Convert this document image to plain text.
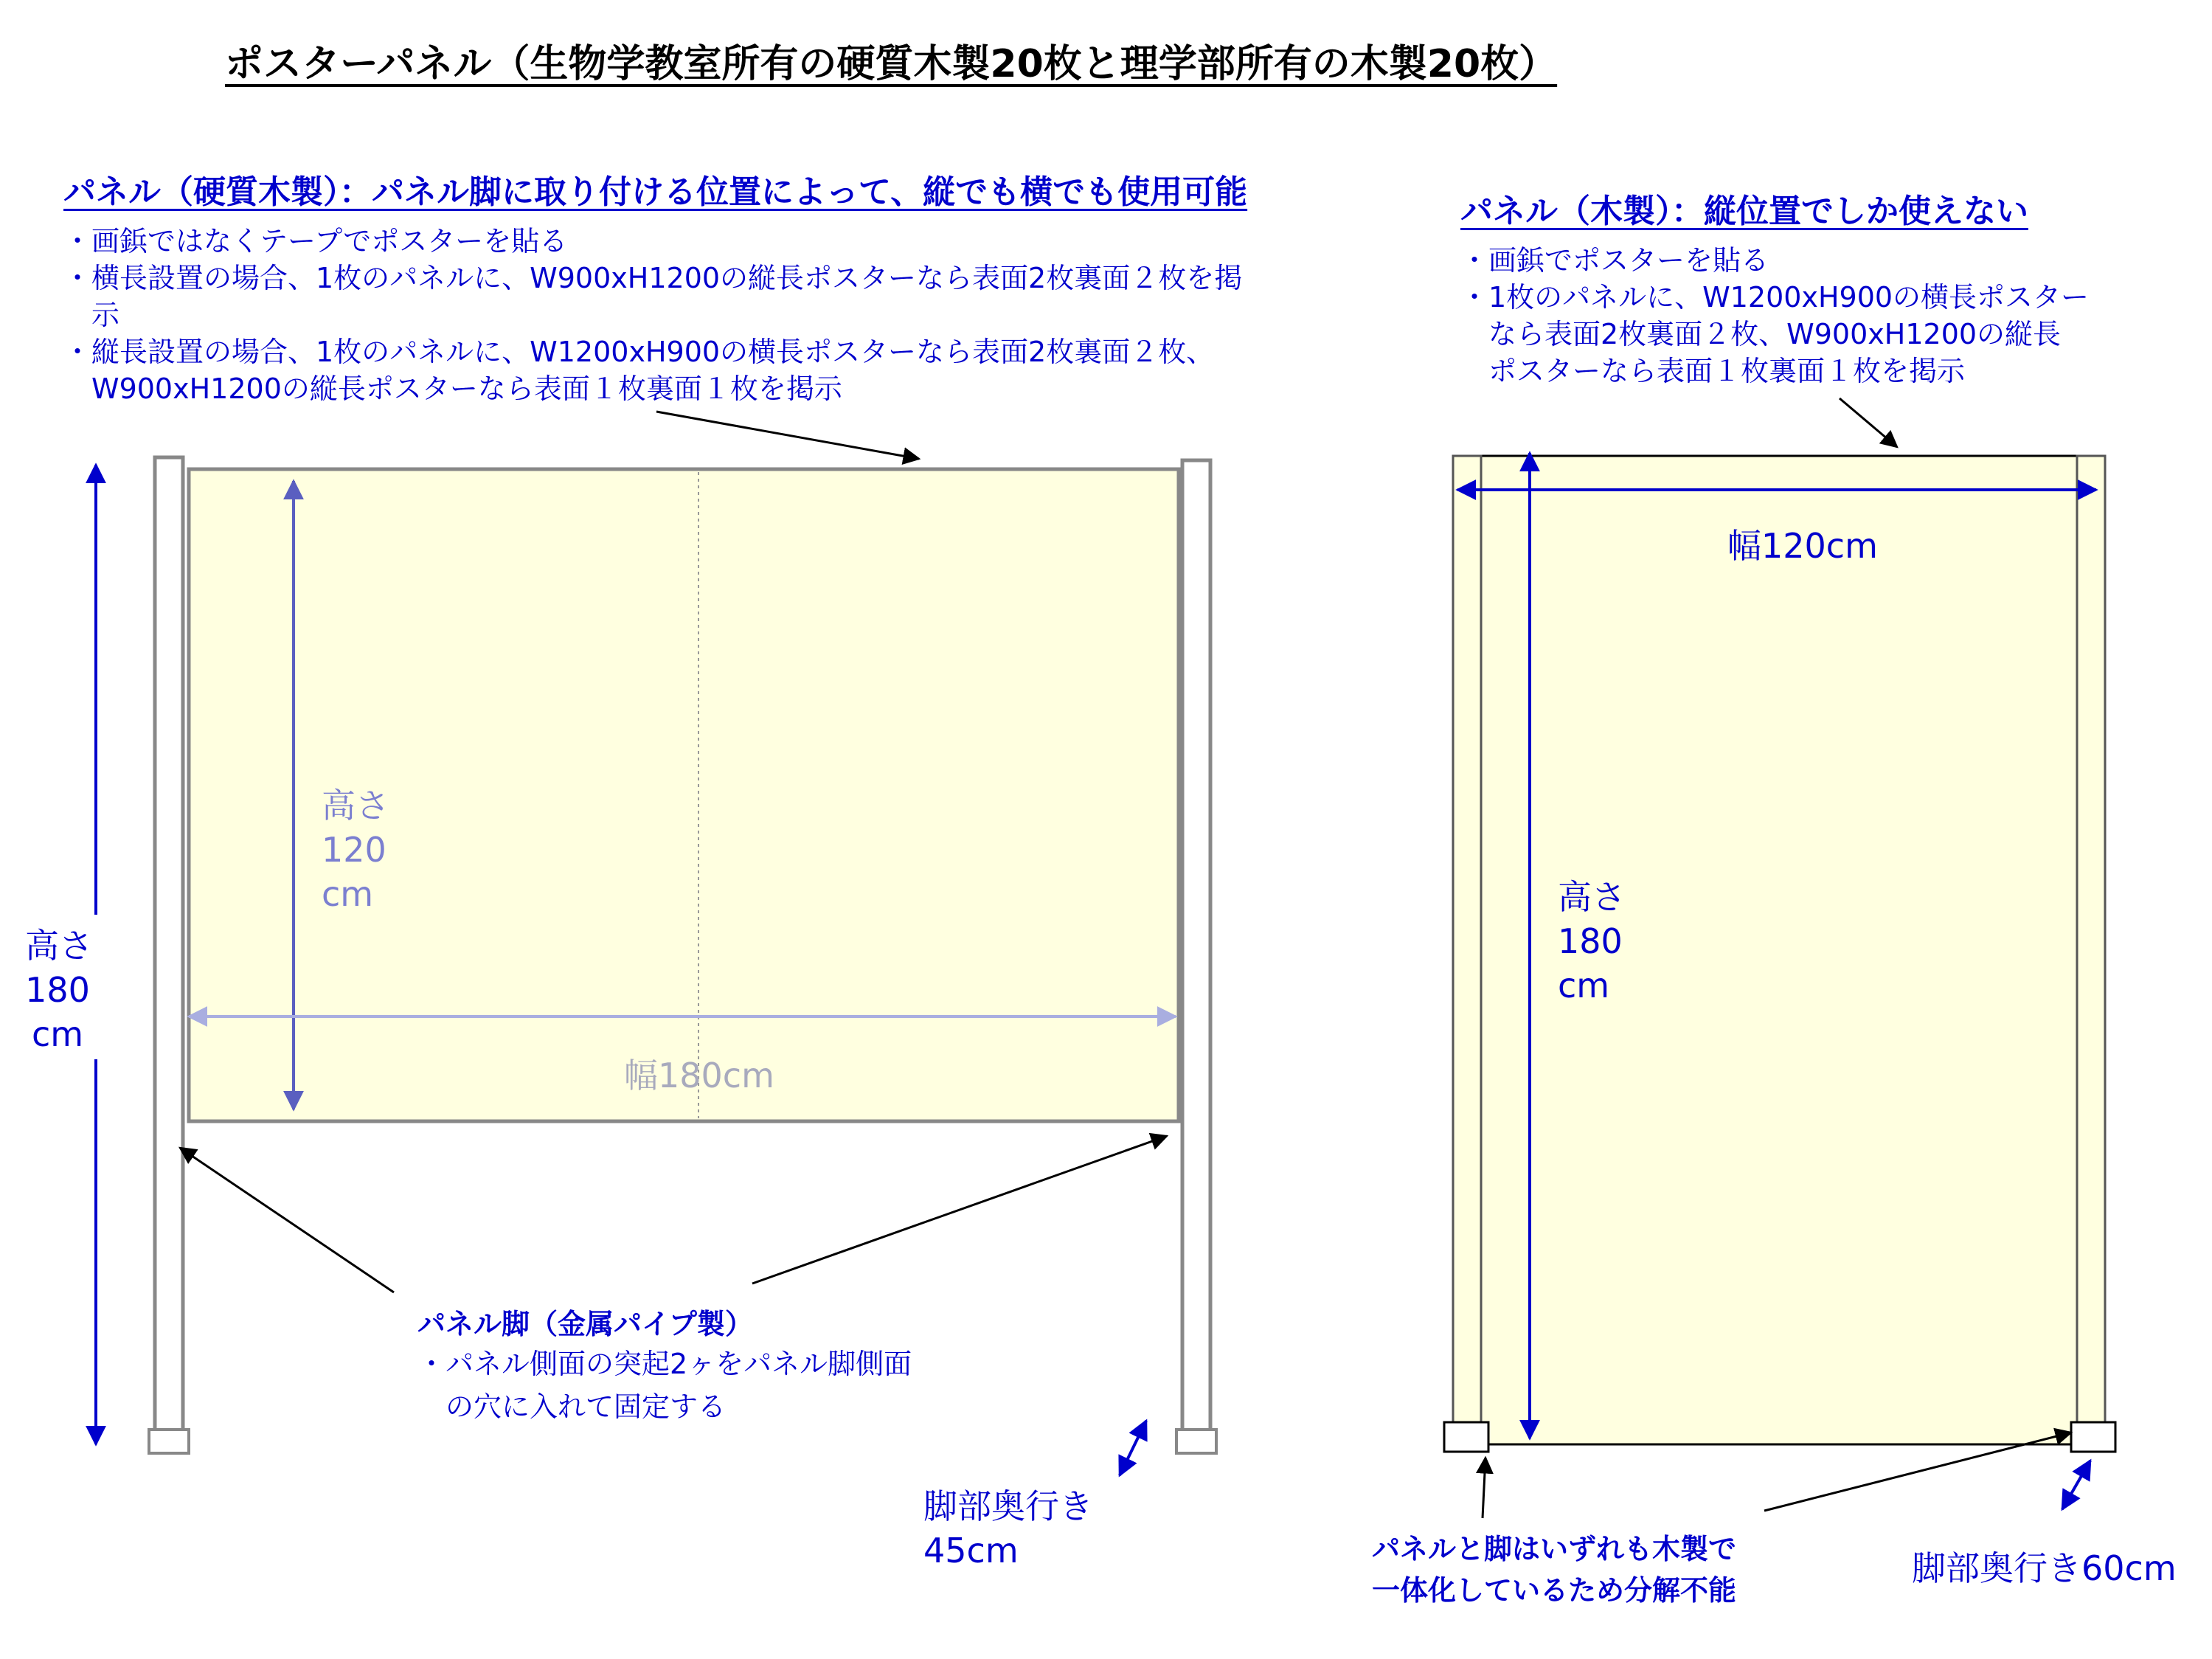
ポスターパネル（生物学教室所有の硬質木製20枚と理学部所有の木製20枚）
パネル（硬質木製）：パネル脚に取り付ける位置によって、縦でも横でも使用可能
・画鋲ではなくテープでポスターを貼る
・横長設置の場合、1枚のパネルに、W900xH1200の縦長ポスターなら表面2枚裏面２枚を掲
　示
・縦長設置の場合、1枚のパネルに、W1200xH900の横長ポスターなら表面2枚裏面２枚、
　W900xH1200の縦長ポスターなら表面１枚裏面１枚を掲示
パネル（木製）：縦位置でしか使えない
・画鋲でポスターを貼る
・1枚のパネルに、W1200xH900の横長ポスター
　なら表面2枚裏面２枚、W900xH1200の縦長
　ポスターなら表面１枚裏面１枚を掲示
高さ
180
cm
高さ
120
cm
幅180cm
パネル脚（金属パイプ製）
・パネル側面の突起2ヶをパネル脚側面
　の穴に入れて固定する
脚部奥行き
45cm
幅120cm
高さ
180
cm
パネルと脚はいずれも木製で
一体化しているため分解不能
脚部奥行き60cm
